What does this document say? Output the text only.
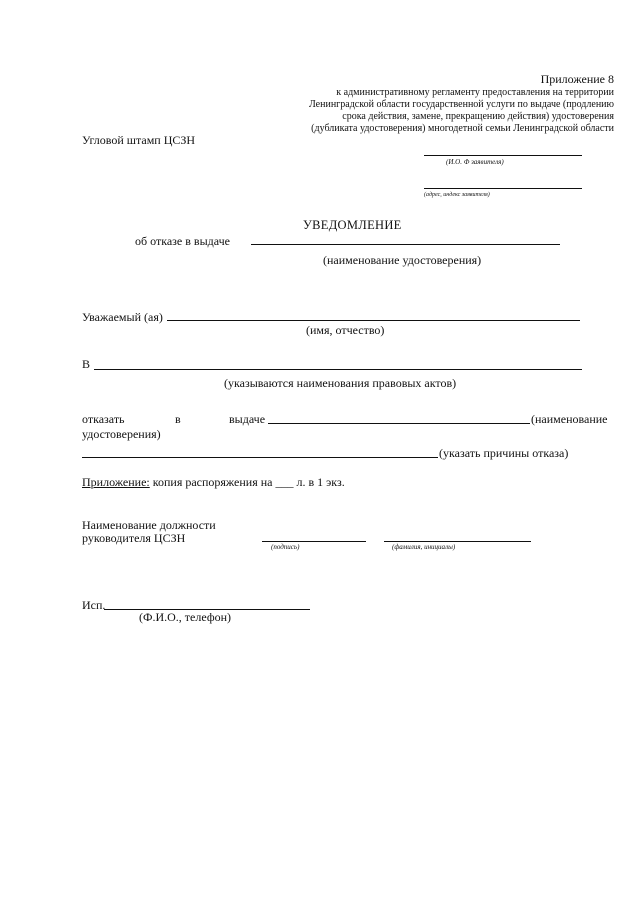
Приложение 8
к административному регламенту предоставления на территории
Ленинградской области государственной услуги по выдаче (продлению
срока действия, замене, прекращению действия) удостоверения
(дубликата удостоверения) многодетной семьи Ленинградской области
Угловой штамп ЦСЗН
(И.О. Ф заявителя)
(адрес, индекс заявителя)
УВЕДОМЛЕНИЕ
об отказе в выдаче
(наименование удостоверения)
Уважаемый (ая)
(имя, отчество)
В
(указываются наименования правовых актов)
отказать	в	выдаче	(наименование
удостоверения)
(указать причины отказа)
Приложение: копия распоряжения на ___ л. в 1 экз.
Наименование должности
руководителя ЦСЗН
(подпись)	(фамилия, инициалы)
Исп.
(Ф.И.О., телефон)
